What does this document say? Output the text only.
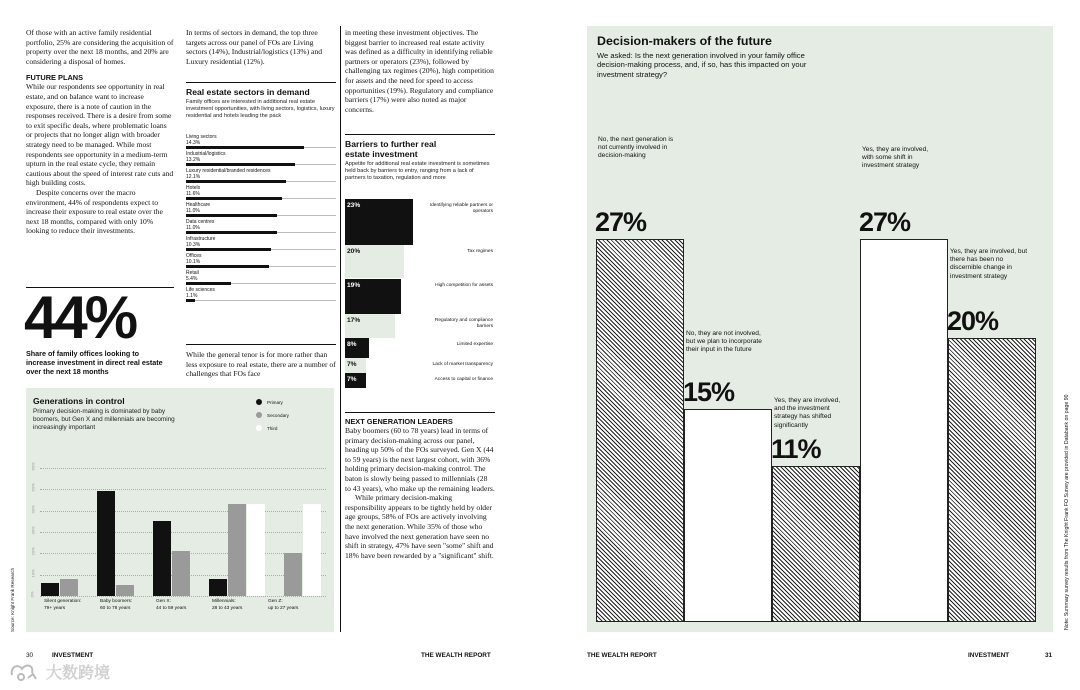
Of those with an active family residential portfolio, 25% are considering the acquisition of property over the next 18 months, and 20% are considering a disposal of homes.

FUTURE PLANS

While our respondents see opportunity in real estate, and on balance want to increase exposure, there is a note of caution in the responses received. There is a desire from some to exit specific deals, where problematic loans or projects that no longer align with broader strategy need to be managed. While most respondents see opportunity in a medium-term upturn in the real estate cycle, they remain cautious about the speed of interest rate cuts and high building costs.

Despite concerns over the macro environment, 44% of respondents expect to increase their exposure to real estate over the next 18 months, compared with only 10% looking to reduce their investments.

44%
Share of family offices looking to increase investment in direct real estate over the next 18 months
In terms of sectors in demand, the top three targets across our panel of FOs are Living sectors (14%), Industrial/logistics (13%) and Luxury residential (12%).
Real estate sectors in demand
Family offices are interested in additional real estate investment opportunities, with living sectors, logistics, luxury residential and hotels leading the pack
Living sectors
14.3%
Industrial/logistics
13.2%
Luxury residential/branded residences
12.1%
Hotels
11.6%
Healthcare
11.0%
Data centres
11.0%
Infrastructure
10.3%
Offices
10.1%
Retail
5.4%
Life sciences
1.1%
While the general tenor is for more rather than less exposure to real estate, there are a number of challenges that FOs face
in meeting these investment objectives. The biggest barrier to increased real estate activity was defined as a difficulty in identifying reliable partners or operators (23%), followed by challenging tax regimes (20%), high competition for assets and the need for speed to access opportunities (19%). Regulatory and compliance barriers (17%) were also noted as major concerns.
Barriers to further real estate investment
Appetite for additional real estate investment is sometimes held back by barriers to entry, ranging from a lack of partners to taxation, regulation and more
23%	Identifying reliable partners or operators
20%	Tax regimes
19%	High competition for assets
17%	Regulatory and compliance barriers
8%	Limited expertise
7%	Lack of market transparency
7%	Access to capital or finance

NEXT GENERATION LEADERS

Baby boomers (60 to 78 years) lead in terms of primary decision-making across our panel, heading up 50% of the FOs surveyed. Gen X (44 to 59 years) is the next largest cohort, with 36% holding primary decision-making control. The baton is slowly being passed to millennials (28 to 43 years), who make up the remaining leaders.

While primary decision-making responsibility appears to be tightly held by older age groups, 58% of FOs are actively involving the next generation. While 35% of those who have involved the next generation have seen no shift in strategy, 47% have seen "some" shift and 18% have been rewarded by a "significant" shift.

Generations in control
Primary decision-making is dominated by baby boomers, but Gen X and millennials are becoming increasingly important
Primary
Secondary
Third
0%
10%
20%
30%
40%
50%
60%
Silent generation:
79+ years
Baby boomers:
60 to 78 years
Gen X:
44 to 59 years
Millennials:
28 to 43 years
Gen Z:
up to 27 years
Source: Knight Frank Research
30	INVESTMENT	THE WEALTH REPORT
大数跨境
Decision-makers of the future
We asked: Is the next generation involved in your family office decision-making process, and, if so, has this impacted on your investment strategy?
No, the next generation is not currently involved in decision-making
27%
No, they are not involved, but we plan to incorporate their input in the future
15%	Yes, they are involved, and the investment strategy has shifted significantly
11%
Yes, they are involved, with some shift in investment strategy
27%
Yes, they are involved, but there has been no discernible change in investment strategy
20%
Note: Summary survey results from The Knight Frank FO Survey are provided in Databank on page 90
THE WEALTH REPORT	INVESTMENT	31
